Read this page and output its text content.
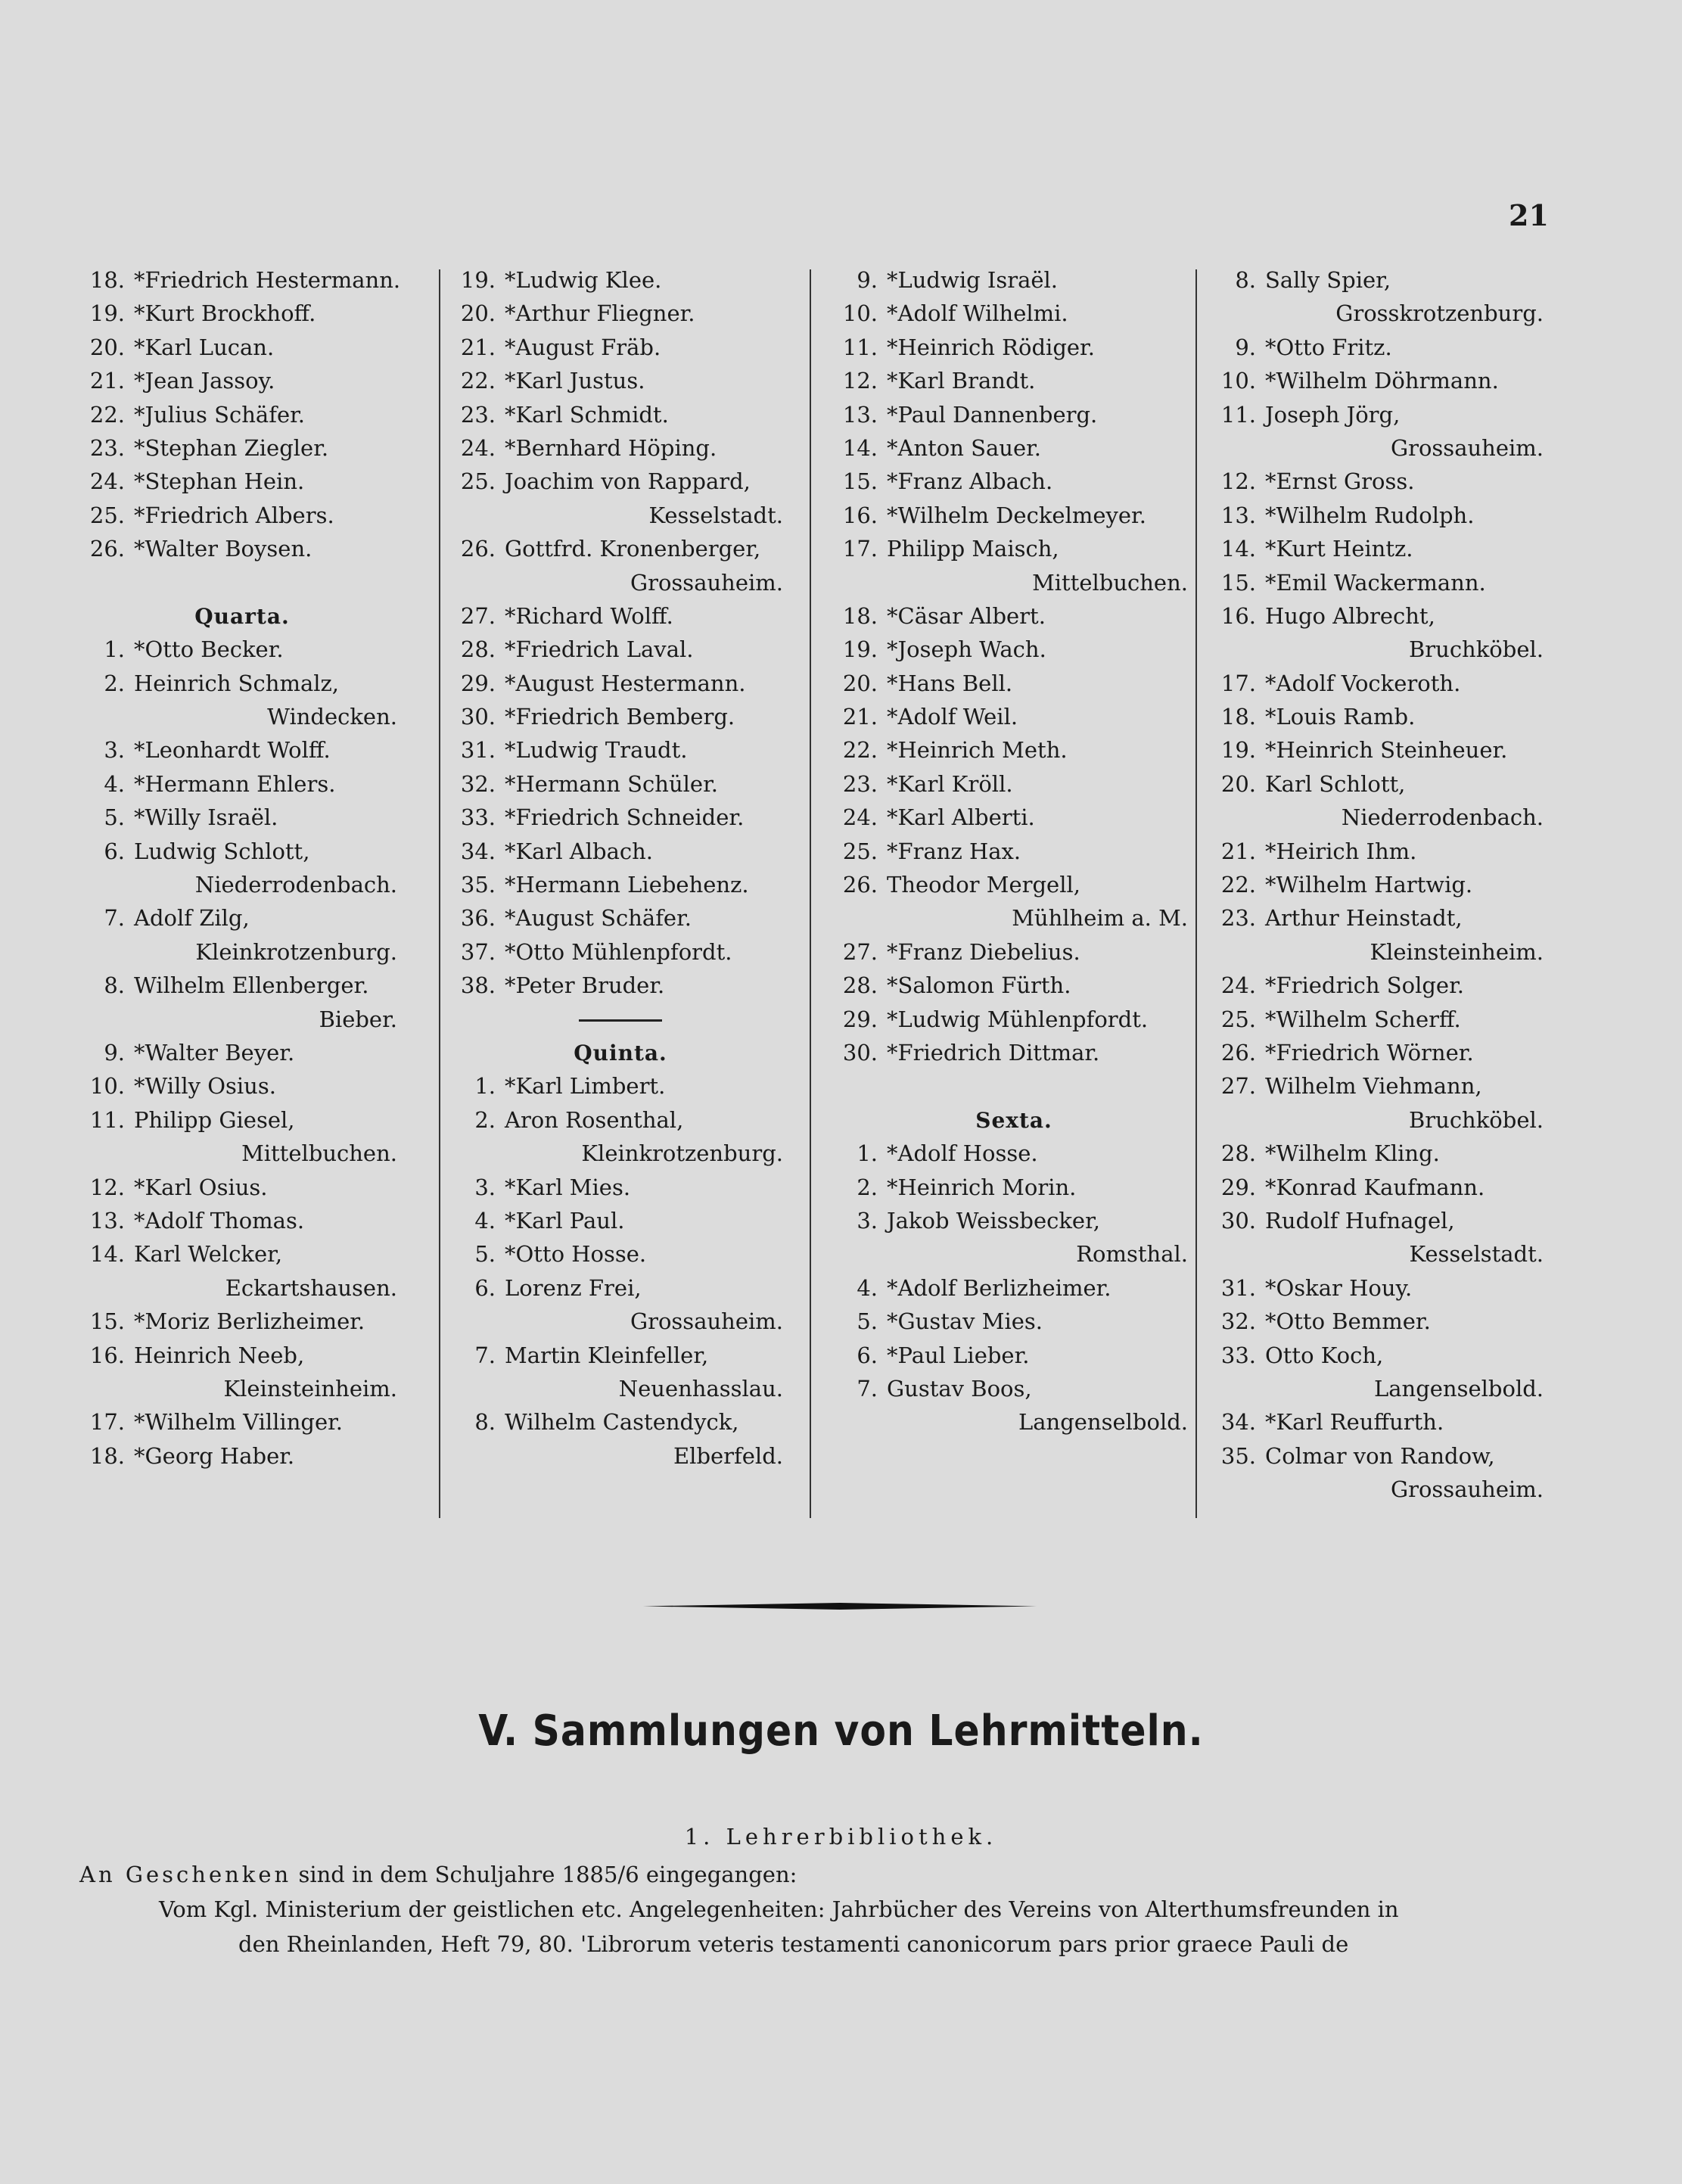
21
18. *Friedrich Hestermann.
19. *Kurt Brockhoff.
20. *Karl Lucan.
21. *Jean Jassoy.
22. *Julius Schäfer.
23. *Stephan Ziegler.
24. *Stephan Hein.
25. *Friedrich Albers.
26. *Walter Boysen.
Quarta.
1. *Otto Becker.
2. Heinrich Schmalz,
Windecken.
3. *Leonhardt Wolff.
4. *Hermann Ehlers.
5. *Willy Israël.
6. Ludwig Schlott,
Niederrodenbach.
7. Adolf Zilg,
Kleinkrotzenburg.
8. Wilhelm Ellenberger.
Bieber.
9. *Walter Beyer.
10. *Willy Osius.
11. Philipp Giesel,
Mittelbuchen.
12. *Karl Osius.
13. *Adolf Thomas.
14. Karl Welcker,
Eckartshausen.
15. *Moriz Berlizheimer.
16. Heinrich Neeb,
Kleinsteinheim.
17. *Wilhelm Villinger.
18. *Georg Haber.
19. *Ludwig Klee.
20. *Arthur Fliegner.
21. *August Fräb.
22. *Karl Justus.
23. *Karl Schmidt.
24. *Bernhard Höping.
25. Joachim von Rappard,
Kesselstadt.
26. Gottfrd. Kronenberger,
Grossauheim.
27. *Richard Wolff.
28. *Friedrich Laval.
29. *August Hestermann.
30. *Friedrich Bemberg.
31. *Ludwig Traudt.
32. *Hermann Schüler.
33. *Friedrich Schneider.
34. *Karl Albach.
35. *Hermann Liebehenz.
36. *August Schäfer.
37. *Otto Mühlenpfordt.
38. *Peter Bruder.
Quinta.
1. *Karl Limbert.
2. Aron Rosenthal,
Kleinkrotzenburg.
3. *Karl Mies.
4. *Karl Paul.
5. *Otto Hosse.
6. Lorenz Frei,
Grossauheim.
7. Martin Kleinfeller,
Neuenhasslau.
8. Wilhelm Castendyck,
Elberfeld.
9. *Ludwig Israël.
10. *Adolf Wilhelmi.
11. *Heinrich Rödiger.
12. *Karl Brandt.
13. *Paul Dannenberg.
14. *Anton Sauer.
15. *Franz Albach.
16. *Wilhelm Deckelmeyer.
17. Philipp Maisch,
Mittelbuchen.
18. *Cäsar Albert.
19. *Joseph Wach.
20. *Hans Bell.
21. *Adolf Weil.
22. *Heinrich Meth.
23. *Karl Kröll.
24. *Karl Alberti.
25. *Franz Hax.
26. Theodor Mergell,
Mühlheim a. M.
27. *Franz Diebelius.
28. *Salomon Fürth.
29. *Ludwig Mühlenpfordt.
30. *Friedrich Dittmar.
Sexta.
1. *Adolf Hosse.
2. *Heinrich Morin.
3. Jakob Weissbecker,
Romsthal.
4. *Adolf Berlizheimer.
5. *Gustav Mies.
6. *Paul Lieber.
7. Gustav Boos,
Langenselbold.
8. Sally Spier,
Grosskrotzenburg.
9. *Otto Fritz.
10. *Wilhelm Döhrmann.
11. Joseph Jörg,
Grossauheim.
12. *Ernst Gross.
13. *Wilhelm Rudolph.
14. *Kurt Heintz.
15. *Emil Wackermann.
16. Hugo Albrecht,
Bruchköbel.
17. *Adolf Vockeroth.
18. *Louis Ramb.
19. *Heinrich Steinheuer.
20. Karl Schlott,
Niederrodenbach.
21. *Heirich Ihm.
22. *Wilhelm Hartwig.
23. Arthur Heinstadt,
Kleinsteinheim.
24. *Friedrich Solger.
25. *Wilhelm Scherff.
26. *Friedrich Wörner.
27. Wilhelm Viehmann,
Bruchköbel.
28. *Wilhelm Kling.
29. *Konrad Kaufmann.
30. Rudolf Hufnagel,
Kesselstadt.
31. *Oskar Houy.
32. *Otto Bemmer.
33. Otto Koch,
Langenselbold.
34. *Karl Reuffurth.
35. Colmar von Randow,
Grossauheim.
V. Sammlungen von Lehrmitteln.
1. Lehrerbibliothek.
An Geschenken sind in dem Schuljahre 1885/6 eingegangen:
Vom Kgl. Ministerium der geistlichen etc. Angelegenheiten: Jahrbücher des Vereins von Alterthumsfreunden in
den Rheinlanden, Heft 79, 80. 'Librorum veteris testamenti canonicorum pars prior graece Pauli de
